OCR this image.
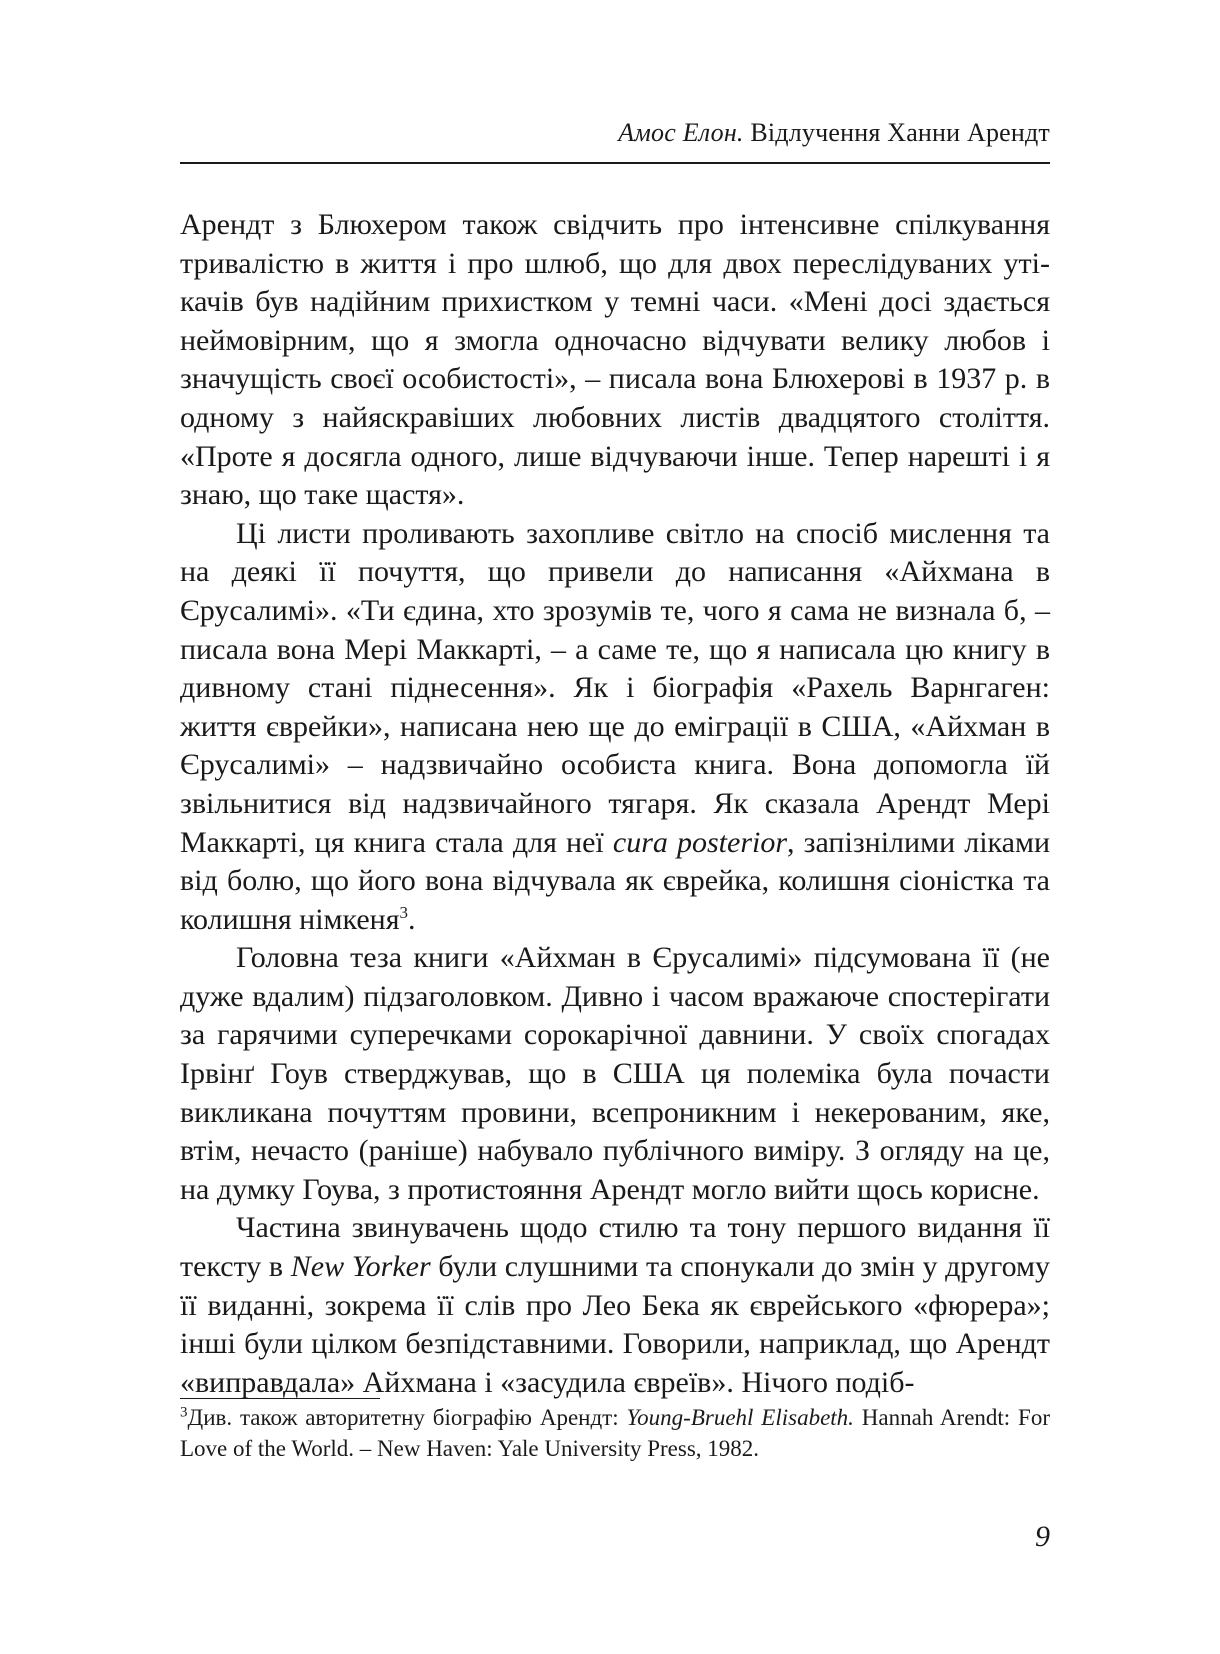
Амос Елон. Відлучення Ханни Арендт

Арендт з Блюхером також свідчить про інтенсивне спілкування тривалістю в життя і про шлюб, що для двох переслідуваних утікачів був надійним прихистком у темні часи. «Мені досі здається неймовірним, що я змогла одночасно відчувати велику любов і значущість своєї особистості», – писала вона Блюхерові в 1937 р. в одному з найяскравіших любовних листів двадцятого століття. «Проте я досягла одного, лише відчуваючи інше. Тепер нарешті і я знаю, що таке щастя».

Ці листи проливають захопливе світло на спосіб мислення та на деякі її почуття, що привели до написання «Айхмана в Єрусалимі». «Ти єдина, хто зрозумів те, чого я сама не визнала б, – писала вона Мері Маккарті, – а саме те, що я написала цю книгу в дивному стані піднесення». Як і біографія «Рахель Варнгаген: життя єврейки», написана нею ще до еміграції в США, «Айхман в Єрусалимі» – надзвичайно особиста книга. Вона допомогла їй звільнитися від надзвичайного тягаря. Як сказала Арендт Мері Маккарті, ця книга стала для неї cura posterior, запізнілими ліками від болю, що його вона відчувала як єврейка, колишня сіоністка та колишня німкеня$^3$.

Головна теза книги «Айхман в Єрусалимі» підсумована її (не дуже вдалим) підзаголовком. Дивно і часом вражаюче спостерігати за гарячими суперечками сорокарічної давнини. У своїх спогадах Ірвінґ Гоув стверджував, що в США ця полеміка була почасти викликана почуттям провини, всепроникним і некерованим, яке, втім, нечасто (раніше) набувало публічного виміру. З огляду на це, на думку Гоува, з протистояння Арендт могло вийти щось корисне.

Частина звинувачень щодо стилю та тону першого видання її тексту в New Yorker були слушними та спонукали до змін у другому її виданні, зокрема її слів про Лео Бека як єврейського «фюрера»; інші були цілком безпідставними. Говорили, наприклад, що Арендт «виправдала» Айхмана і «засудила євреїв». Нічого подіб-

$^3$Див. також авторитетну біографію Арендт: Young-Bruehl Elisabeth. Hannah Arendt: For Love of the World. – New Haven: Yale University Press, 1982.
9
